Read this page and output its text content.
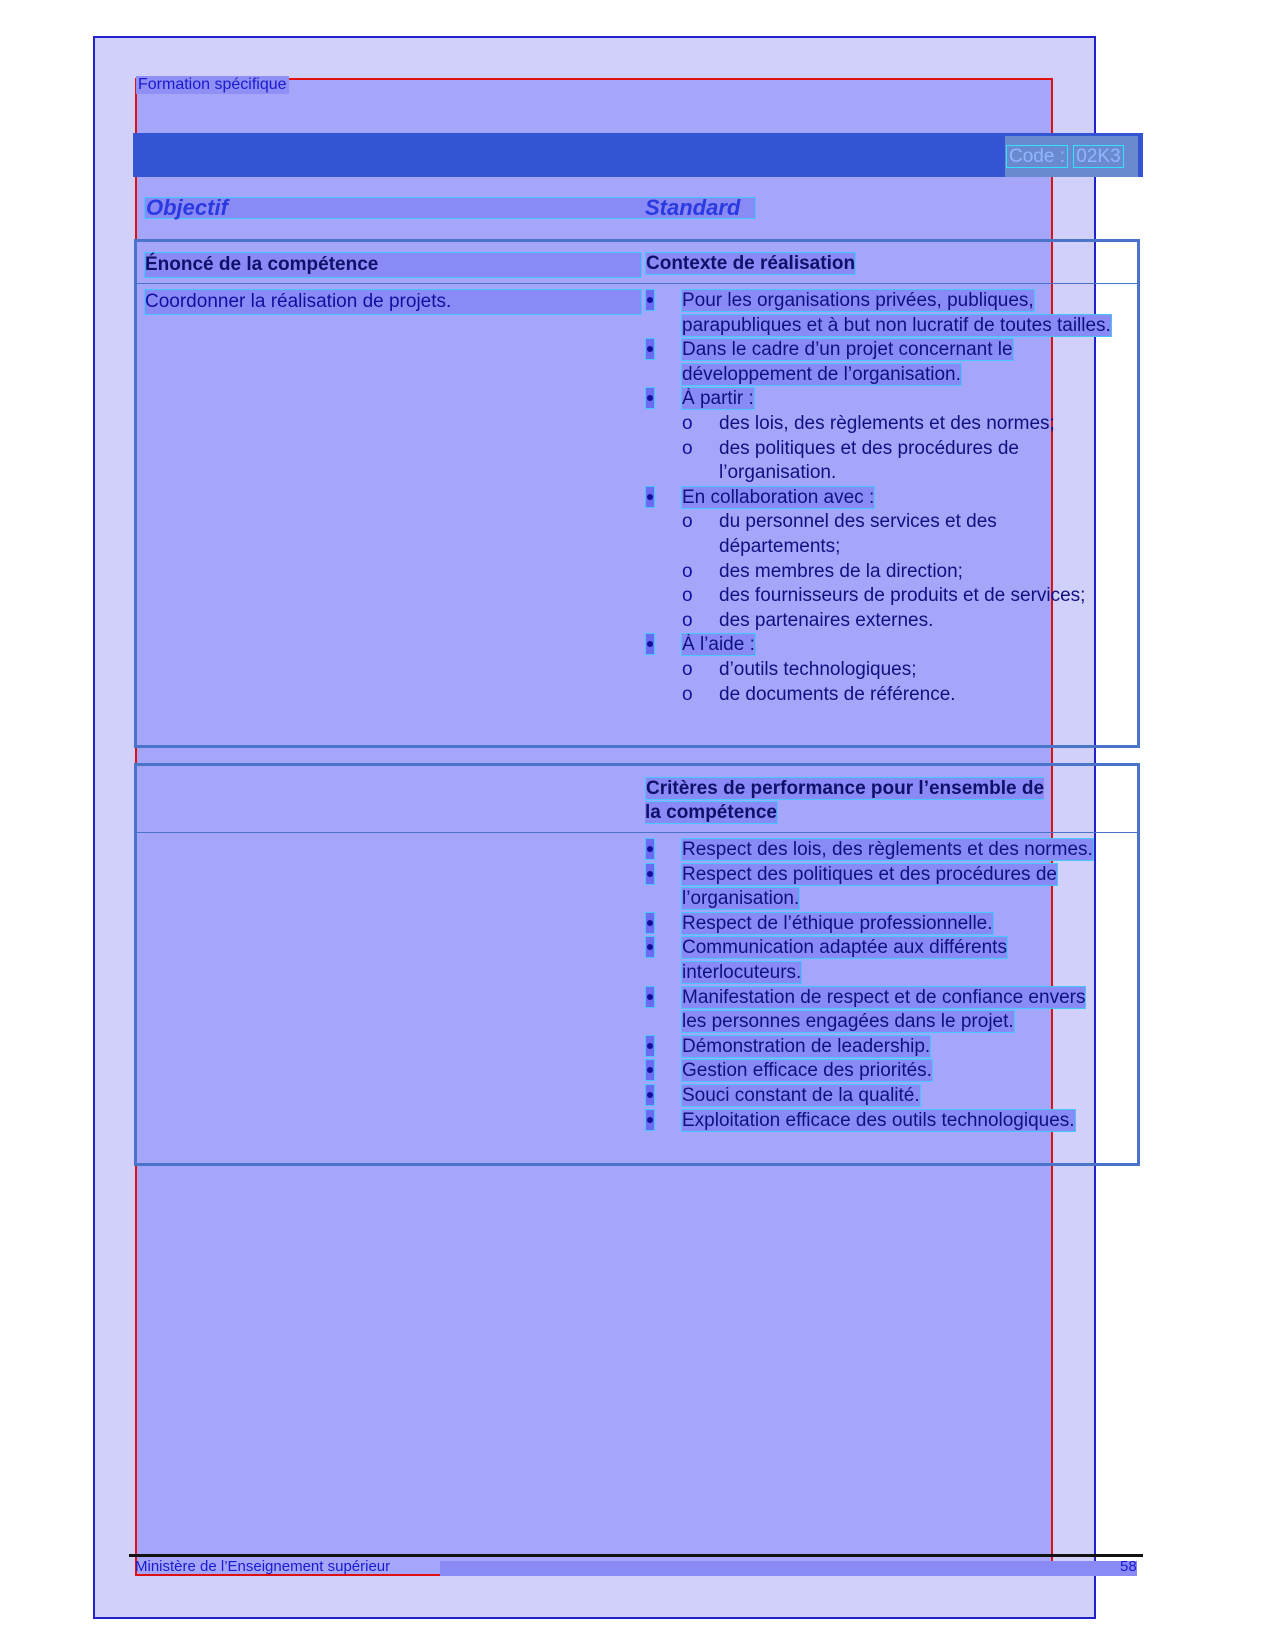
Formation spécifique
Code : 02K3
Objectif	Standard
Énoncé de la compétence	Contexte de réalisation
Coordonner la réalisation de projets.	Pour les organisations privées, publiques, parapubliques et à but non lucratif de toutes tailles.
Dans le cadre d’un projet concernant le développement de l’organisation.
À partir :
o des lois, des règlements et des normes;
o des politiques et des procédures de l’organisation.
En collaboration avec :
o du personnel des services et des départements;
o des membres de la direction;
o des fournisseurs de produits et de services;
o des partenaires externes.
À l’aide :
o d’outils technologiques;
o de documents de référence.
Critères de performance pour l’ensemble de la compétence
Respect des lois, des règlements et des normes.
Respect des politiques et des procédures de l’organisation.
Respect de l’éthique professionnelle.
Communication adaptée aux différents interlocuteurs.
Manifestation de respect et de confiance envers les personnes engagées dans le projet.
Démonstration de leadership.
Gestion efficace des priorités.
Souci constant de la qualité.
Exploitation efficace des outils technologiques.
Ministère de l’Enseignement supérieur	58
